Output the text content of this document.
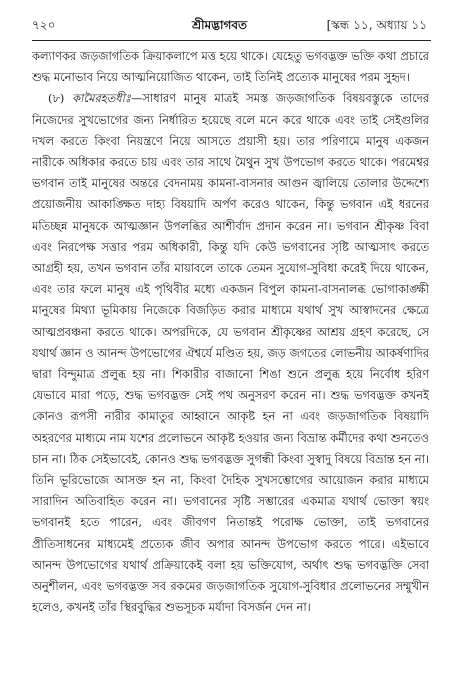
৭২০	শ্রীমদ্ভাগবত	[স্কন্ধ ১১, অধ্যায় ১১

কল্যাণকর জড়জাগতিক ক্রিয়াকলাপে মত্ত হয়ে থাকে। যেহেতু ভগবদ্ভক্ত ভক্তি কথা প্রচারে শুদ্ধ মনোভাব নিয়ে আত্মনিয়োজিত থাকেন, তাই তিনিই প্রত্যেক মানুষের পরম সুহৃদ।

(৮) কামৈরহতধীঃ—সাধারণ মানুষ মাত্রই সমস্ত জড়জাগতিক বিষয়বস্তুকে তাদের নিজেদের সুখভোগের জন্য নির্ধারিত হয়েছে বলে মনে করে থাকে এবং তাই সেইগুলির দখল করতে কিংবা নিয়ন্ত্রণে নিয়ে আসতে প্রয়াসী হয়। তার পরিণামে মানুষ একজন নারীকে অধিকার করতে চায় এবং তার সাথে মৈথুন সুখ উপভোগ করতে থাকে। পরমেশ্বর ভগবান তাই মানুষের অন্তরে বেদনাময় কামনা-বাসনার আগুন জ্বালিয়ে তোলার উদ্দেশ্যে প্রয়োজনীয় আকাঙ্ক্ষিত দাহ্য বিষয়াদি অর্পণ করেও থাকেন, কিন্তু ভগবান এই ধরনের মতিচ্ছন্ন মানুষকে আত্মজ্ঞান উপলব্ধির আশীর্বাদ প্রদান করেন না। ভগবান শ্রীকৃষ্ণ বিবা এবং নিরপেক্ষ সত্তার পরম অধিকারী, কিন্তু যদি কেউ ভগবানের সৃষ্টি আত্মসাৎ করতে আগ্রহী হয়, তখন ভগবান তাঁর মায়াবলে তাকে তেমন সুযোগ-সুবিধা করেই দিয়ে থাকেন, এবং তার ফলে মানুষ এই পৃথিবীর মধ্যে একজন বিপুল কামনা-বাসনালব্ধ ভোগাকাঙ্ক্ষী মানুষের মিথ্যা ভূমিকায় নিজেকে বিজড়িত করার মাধ্যমে যথার্থ সুখ আস্বাদনের ক্ষেত্রে আত্মপ্রবঞ্চনা করতে থাকে। অপরদিকে, যে ভগবান শ্রীকৃষ্ণের আশ্রয় গ্রহণ করেছে, সে যথার্থ জ্ঞান ও আনন্দ উপভোগের ঐশ্বর্যে মণ্ডিত হয়, জড় জগতের লোভনীয় আকর্ষণাদির দ্বারা বিন্দুমাত্র প্রলুব্ধ হয় না। শিকারীর বাজানো শিঙা শুনে প্রলুব্ধ হয়ে নির্বোধ হরিণ যেভাবে মারা পড়ে, শুদ্ধ ভগবদ্ভক্ত সেই পথ অনুসরণ করেন না। শুদ্ধ ভগবদ্ভক্ত কখনই কোনও রূপসী নারীর কামাতুর আহ্বানে আকৃষ্ট হন না এবং জড়জাগতিক বিষয়াদি অহরণের মাধ্যমে নাম যশের প্রলোভনে আকৃষ্ট হওয়ার জন্য বিভ্রান্ত কর্মীদের কথা শুনতেও চান না। ঠিক সেইভাবেই, কোনও শুদ্ধ ভগবদ্ভক্ত সুগন্ধী কিংবা সুস্বাদু বিষয়ে বিভ্রান্ত হন না। তিনি ভূরিভোজে আসক্ত হন না, কিংবা দৈহিক সুখসম্ভোগের আয়োজন করার মাধ্যমে সারাদিন অতিবাহিত করেন না। ভগবানের সৃষ্টি সম্ভারের একমাত্র যথার্থ ভোক্তা স্বয়ং ভগবানই হতে পারেন, এবং জীবগণ নিতান্তই পরোক্ষ ভোক্তা, তাই ভগবানের প্রীতিসাধনের মাধ্যমেই প্রত্যেক জীব অপার আনন্দ উপভোগ করতে পারে। এইভাবে আনন্দ উপভোগের যথার্থ প্রক্রিয়াকেই বলা হয় ভক্তিযোগ, অর্থাৎ শুদ্ধ ভগবদ্ভক্তি সেবা অনুশীলন, এবং ভগবদ্ভক্ত সব রকমের জড়জাগতিক সুযোগ-সুবিধার প্রলোভনের সম্মুখীন হলেও, কখনই তাঁর স্থিরবুদ্ধির শুভসূচক মর্যাদা বিসর্জন দেন না।
